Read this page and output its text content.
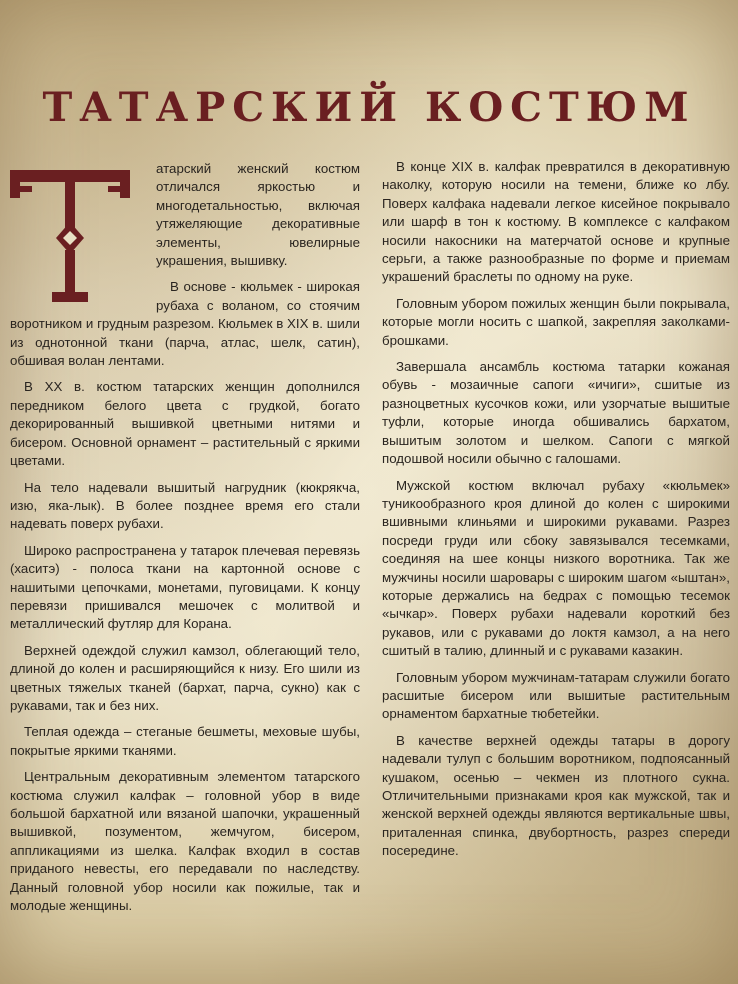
ТАТАРСКИЙ КОСТЮМ

атарский женский костюм отличался яркостью и многодетальностью, включая утяжеляющие декоративные элементы, ювелирные украшения, вышивку.

В основе - кюльмек - широкая рубаха с воланом, со стоячим воротником и грудным разрезом. Кюльмек в XIX в. шили из однотонной ткани (парча, атлас, шелк, сатин), обшивая волан лентами.

В XX в. костюм татарских женщин дополнился передником белого цвета с грудкой, богато декорированный вышивкой цветными нитями и бисером. Основной орнамент – растительный с яркими цветами.

На тело надевали вышитый нагрудник (кюкрякча, изю, яка-лык). В более позднее время его стали надевать поверх рубахи.

Широко распространена у татарок плечевая перевязь (хаситэ) - полоса ткани на картонной основе с нашитыми цепочками, монетами, пуговицами. К концу перевязи пришивался мешочек с молитвой и металлический футляр для Корана.

Верхней одеждой служил камзол, облегающий тело, длиной до колен и расширяющийся к низу. Его шили из цветных тяжелых тканей (бархат, парча, сукно) как с рукавами, так и без них.

Теплая одежда – стеганые бешметы, меховые шубы, покрытые яркими тканями.

Центральным декоративным элементом татарского костюма служил калфак – головной убор в виде большой бархатной или вязаной шапочки, украшенный вышивкой, позументом, жемчугом, бисером, аппликациями из шелка. Калфак входил в состав приданого невесты, его передавали по наследству. Данный головной убор носили как пожилые, так и молодые женщины.

В конце XIX в. калфак превратился в декоративную наколку, которую носили на темени, ближе ко лбу. Поверх калфака надевали легкое кисейное покрывало или шарф в тон к костюму. В комплексе с калфаком носили накосники на матерчатой основе и крупные серьги, а также разнообразные по форме и приемам украшений браслеты по одному на руке.

Головным убором пожилых женщин были покрывала, которые могли носить с шапкой, закрепляя заколками-брошками.

Завершала ансамбль костюма татарки кожаная обувь - мозаичные сапоги «ичиги», сшитые из разноцветных кусочков кожи, или узорчатые вышитые туфли, которые иногда обшивались бархатом, вышитым золотом и шелком. Сапоги с мягкой подошвой носили обычно с галошами.

Мужской костюм включал рубаху «кюльмек» туникообразного кроя длиной до колен с широкими вшивными клиньями и широкими рукавами. Разрез посреди груди или сбоку завязывался тесемками, соединяя на шее концы низкого воротника. Так же мужчины носили шаровары с широким шагом «ыштан», которые держались на бедрах с помощью тесемок «ычкар». Поверх рубахи надевали короткий без рукавов, или с рукавами до локтя камзол, а на него сшитый в талию, длинный и с рукавами казакин.

Головным убором мужчинам-татарам служили богато расшитые бисером или вышитые растительным орнаментом бархатные тюбетейки.

В качестве верхней одежды татары в дорогу надевали тулуп с большим воротником, подпоясанный кушаком, осенью – чекмен из плотного сукна. Отличительными признаками кроя как мужской, так и женской верхней одежды являются вертикальные швы, приталенная спинка, двубортность, разрез спереди посередине.
